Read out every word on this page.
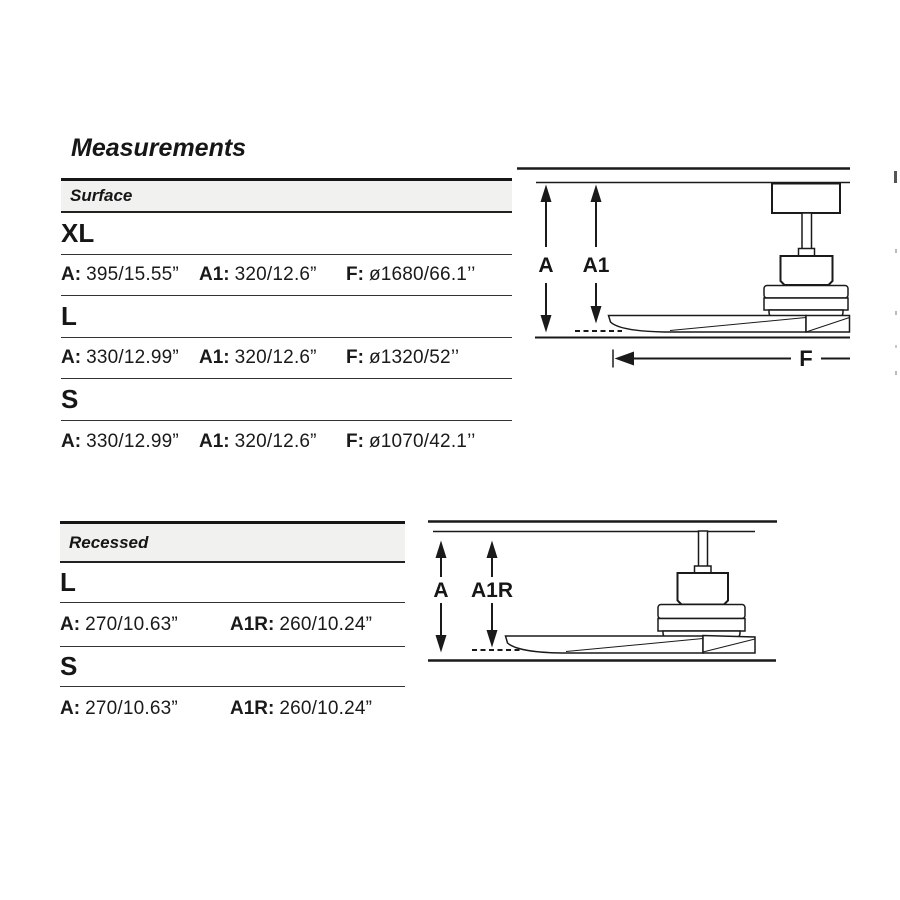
Measurements
Surface
XL
A: 395/15.55” A1: 320/12.6” F: ø1680/66.1’’
L
A: 330/12.99” A1: 320/12.6” F: ø1320/52’’
S
A: 330/12.99” A1: 320/12.6” F: ø1070/42.1’’
Recessed
L
A: 270/10.63”	A1R: 260/10.24”
S
A: 270/10.63”	A1R: 260/10.24”
A A1
F
A A1R
